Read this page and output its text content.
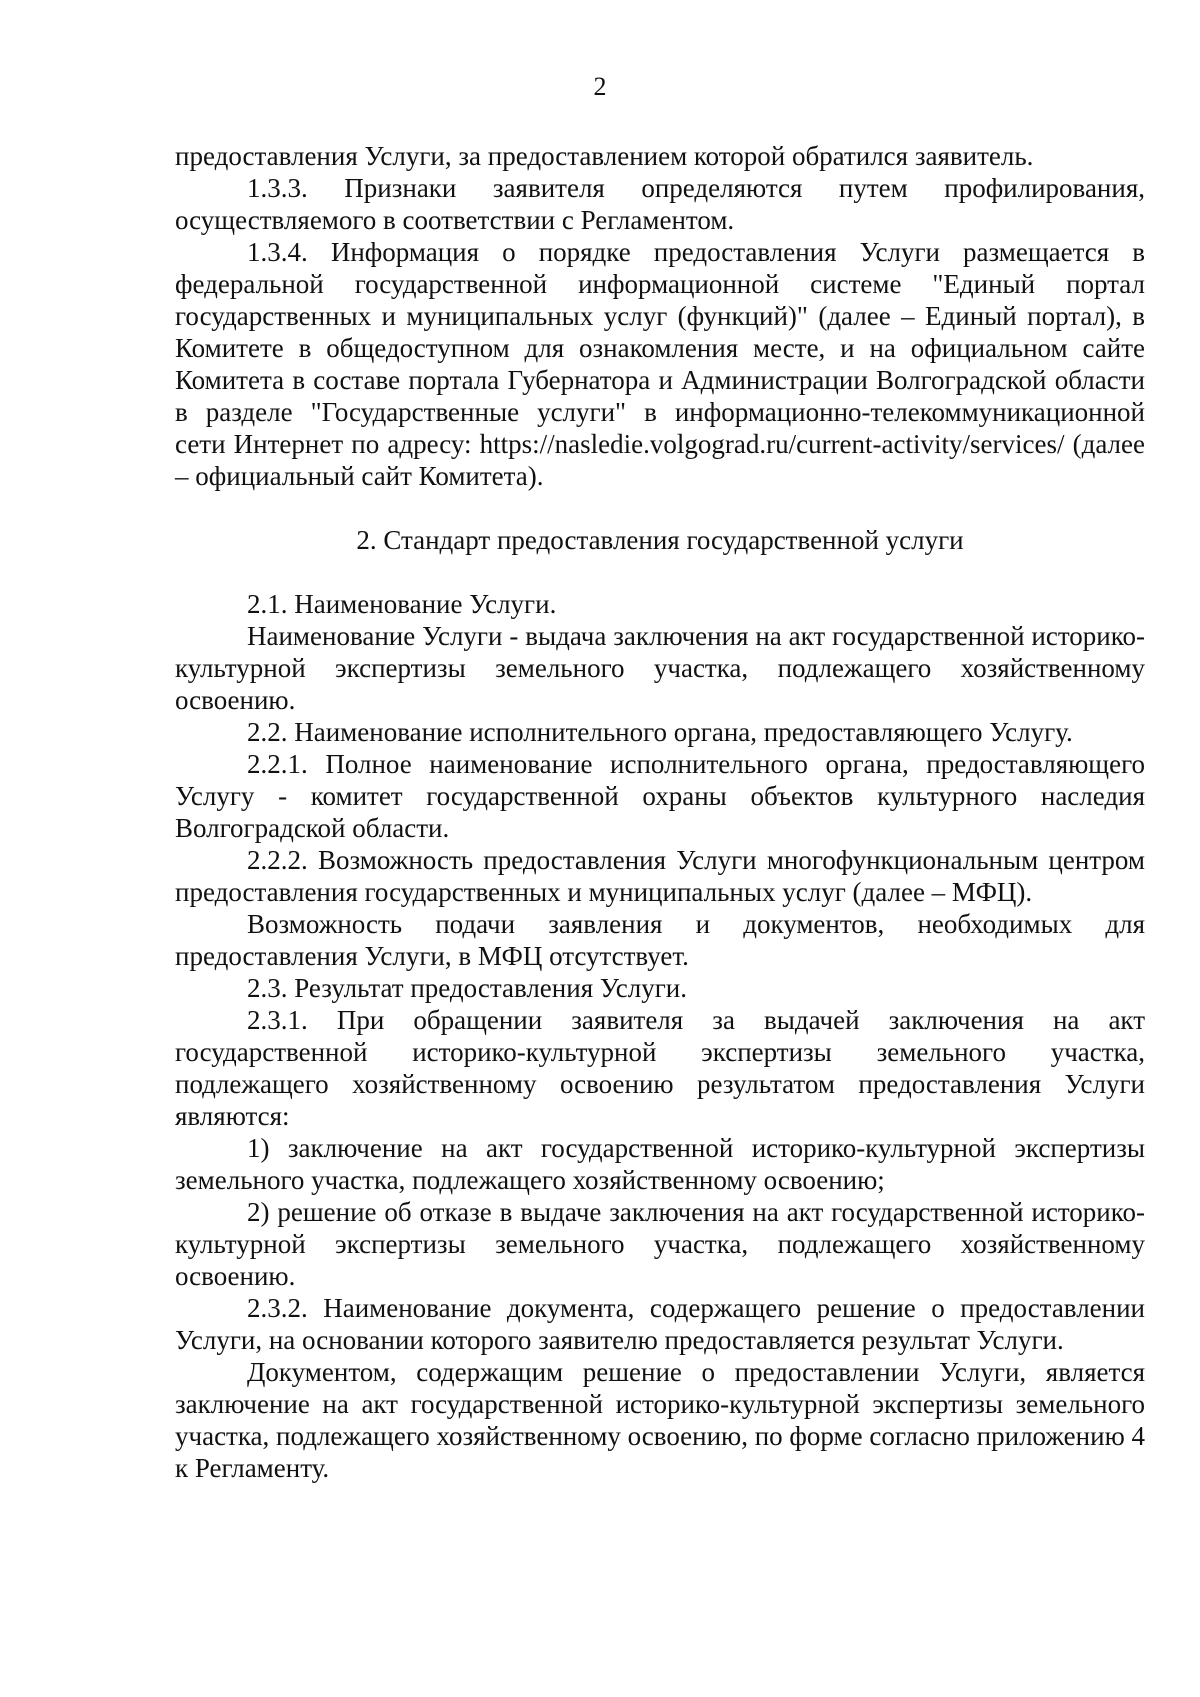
2

предоставления Услуги, за предоставлением которой обратился заявитель.

1.3.3. Признаки заявителя определяются путем профилирования, осуществляемого в соответствии с Регламентом.

1.3.4. Информация о порядке предоставления Услуги размещается в федеральной государственной информационной системе "Единый портал государственных и муниципальных услуг (функций)" (далее – Единый портал), в Комитете в общедоступном для ознакомления месте, и на официальном сайте Комитета в составе портала Губернатора и Администрации Волгоградской области в разделе "Государственные услуги" в информационно-телекоммуникационной сети Интернет по адресу: https://nasledie.volgograd.ru/current-activity/services/ (далее – официальный сайт Комитета).

2. Стандарт предоставления государственной услуги

2.1. Наименование Услуги.

Наименование Услуги - выдача заключения на акт государственной историко-культурной экспертизы земельного участка, подлежащего хозяйственному освоению.

2.2. Наименование исполнительного органа, предоставляющего Услугу.

2.2.1. Полное наименование исполнительного органа, предоставляющего Услугу - комитет государственной охраны объектов культурного наследия Волгоградской области.

2.2.2. Возможность предоставления Услуги многофункциональным центром предоставления государственных и муниципальных услуг (далее – МФЦ).

Возможность подачи заявления и документов, необходимых для предоставления Услуги, в МФЦ отсутствует.

2.3. Результат предоставления Услуги.

2.3.1. При обращении заявителя за выдачей заключения на акт государственной историко-культурной экспертизы земельного участка, подлежащего хозяйственному освоению результатом предоставления Услуги являются:

1) заключение на акт государственной историко-культурной экспертизы земельного участка, подлежащего хозяйственному освоению;

2) решение об отказе в выдаче заключения на акт государственной историко-культурной экспертизы земельного участка, подлежащего хозяйственному освоению.

2.3.2. Наименование документа, содержащего решение о предоставлении Услуги, на основании которого заявителю предоставляется результат Услуги.

Документом, содержащим решение о предоставлении Услуги, является заключение на акт государственной историко-культурной экспертизы земельного участка, подлежащего хозяйственному освоению, по форме согласно приложению 4 к Регламенту.
